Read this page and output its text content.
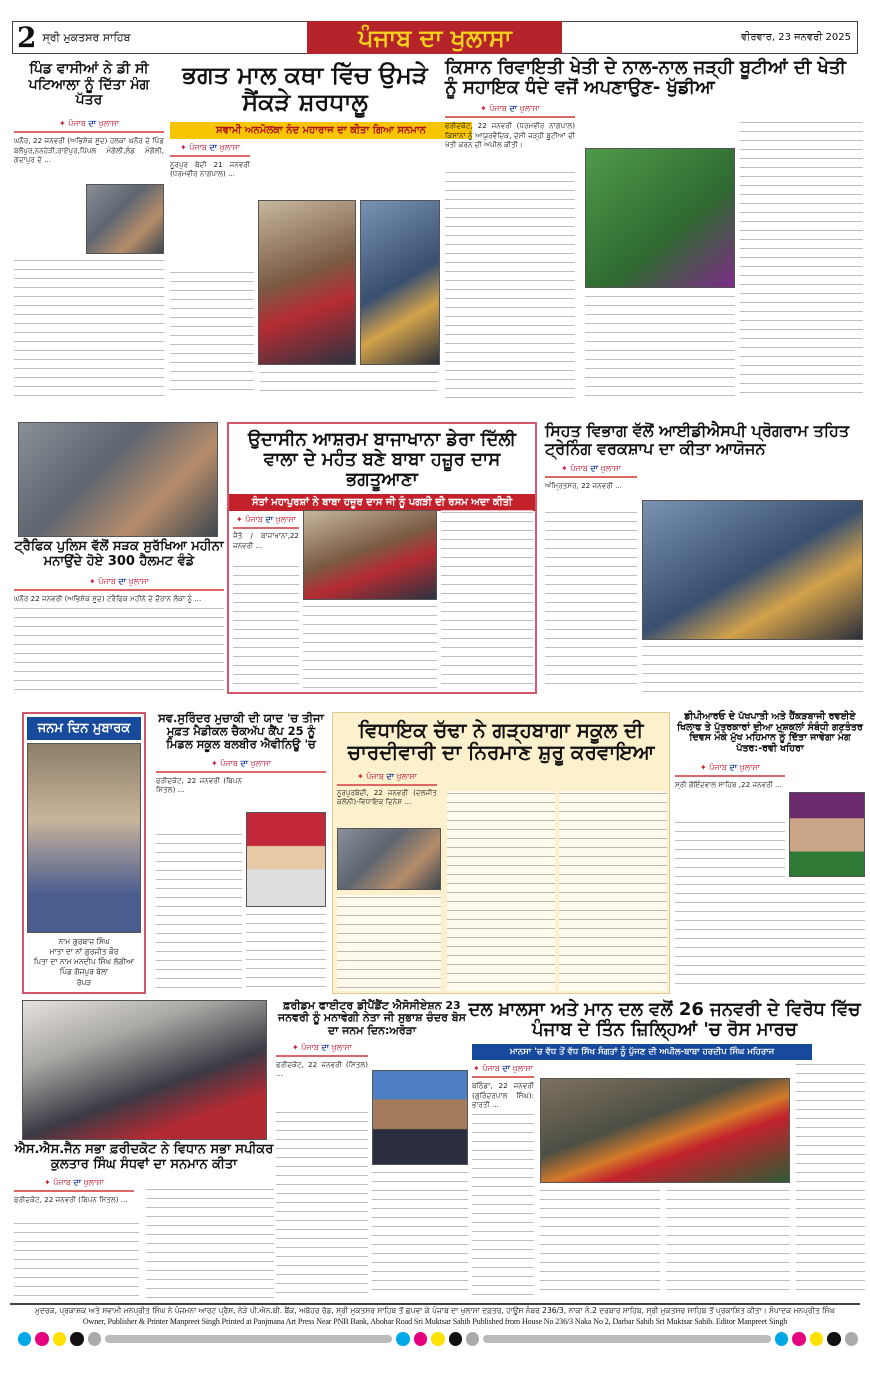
2 ਸ੍ਰੀ ਮੁਕਤਸਰ ਸਾਹਿਬ	ਪੰਜਾਬ ਦਾ ਖੁਲਾਸਾ	ਵੀਰਵਾਰ, 23 ਜਨਵਰੀ 2025
ਪਿੰਡ ਵਾਸੀਆਂ ਨੇ ਡੀ ਸੀ ਪਟਿਆਲਾ ਨੂੰ ਦਿੱਤਾ ਮੰਗ ਪੱਤਰ
✦ ਪੰਜਾਬ ਦਾ ਖੁਲਾਸਾ
ਘਨੌਰ, 22 ਜਨਵਰੀ (ਅਭਿਸ਼ੇਕ ਸੂਦ) ਹਲਕਾ ਘਨੌਰ ਦੇ ਪਿੰਡ ਬਲੌਪੁਰ,ਨਨਹੇੜੀ,ਰਾਏਪੁਰ,ਪਿੱਪਲ ਮੰਗੋਲੀ,ਲੰਡ ਮੰਗੋਲੀ, ਗਦਾਪੁਰ ਦੇ ...
ਭਗਤ ਮਾਲ ਕਥਾ ਵਿੱਚ ਉਮੜੇ ਸੈਂਕੜੇ ਸ਼ਰਧਾਲੂ
ਸਵਾਮੀ ਅਨਮੋਲਕਾ ਨੰਦ ਮਹਾਰਾਜ ਦਾ ਕੀਤਾ ਗਿਆ ਸਨਮਾਨ
✦ ਪੰਜਾਬ ਦਾ ਖੁਲਾਸਾ
ਨੂਰਪੁਰ ਬੇਦੀ 21 ਜਨਵਰੀ (ਧਰਮਵੀਰ ਨਾਗਪਾਲ) ...
ਕਿਸਾਨ ਰਿਵਾਇਤੀ ਖੇਤੀ ਦੇ ਨਾਲ-ਨਾਲ ਜੜ੍ਹੀ ਬੂਟੀਆਂ ਦੀ ਖੇਤੀ ਨੂੰ ਸਹਾਇਕ ਧੰਦੇ ਵਜੋਂ ਅਪਣਾਉਣ- ਖੁੱਡੀਆ
✦ ਪੰਜਾਬ ਦਾ ਖੁਲਾਸਾ
ਫਰੀਦਕੋਟ, 22 ਜਨਵਰੀ (ਧਰਮਵੀਰ ਨਾਗਪਾਲ) ਕਿਸਾਨਾਂ ਨੂੰ ਆਯੁਰਵੈਦਿਕ, ਦੇਸੀ ਜੜ੍ਹੀ ਬੂਟੀਆਂ ਦੀ ਖੇਤੀ ਕਰਨ ਦੀ ਅਪੀਲ ਕੀਤੀ।
ਟ੍ਰੈਫਿਕ ਪੁਲਿਸ ਵੱਲੋਂ ਸੜਕ ਸੁਰੱਖਿਆ ਮਹੀਨਾ ਮਨਾਉਂਦੇ ਹੋਏ 300 ਹੈਲਮਟ ਵੰਡੇ
✦ ਪੰਜਾਬ ਦਾ ਖੁਲਾਸਾ
ਘਨੌਰ 22 ਜਨਵਰੀ (ਅਭਿਸ਼ੇਕ ਸੂਦ) ਟਰੈਫਿਕ ਮਹੀਨੇ ਦੇ ਦੌਰਾਨ ਲੋਕਾਂ ਨੂੰ ...
ਉਦਾਸੀਨ ਆਸ਼ਰਮ ਬਾਜਾਖਾਨਾ ਡੇਰਾ ਦਿੱਲੀ ਵਾਲਾ ਦੇ ਮਹੰਤ ਬਣੇ ਬਾਬਾ ਹਜ਼ੂਰ ਦਾਸ ਭਗਤੂਆਣਾ
ਸੰਤਾਂ ਮਹਾਪੁਰਸ਼ਾਂ ਨੇ ਬਾਬਾ ਹਜ਼ੂਰ ਦਾਸ ਜੀ ਨੂੰ ਪਗੜੀ ਦੀ ਰਸਮ ਅਦਾ ਕੀਤੀ
✦ ਪੰਜਾਬ ਦਾ ਖੁਲਾਸਾ
ਜੈਤੋ / ਬਾਜਾਖਾਨਾ,22 ਜਨਵਰੀ ...
ਸਿਹਤ ਵਿਭਾਗ ਵੱਲੋਂ ਆਈਡੀਐਸਪੀ ਪ੍ਰੋਗਰਾਮ ਤਹਿਤ ਟ੍ਰੇਨਿੰਗ ਵਰਕਸ਼ਾਪ ਦਾ ਕੀਤਾ ਆਯੋਜਨ
✦ ਪੰਜਾਬ ਦਾ ਖੁਲਾਸਾ
ਅੰਮ੍ਰਿਤਸਰ, 22 ਜਨਵਰੀ ...
ਜਨਮ ਦਿਨ ਮੁਬਾਰਕ
ਨਾਮ ਗੁਰਬਾਜ ਸਿੰਘ
ਮਾਤਾ ਦਾ ਨਾਂ ਗੁਰਜੀਤ ਕੌਰ
ਪਿਤਾ ਦਾ ਨਾਮ ਮਨਦੀਪ ਸਿੰਘ ਲੋਗੀਆ
ਪਿੰਡ ਗੱਜਪੁਰ ਬੇਲਾ
ਰੋਪੜ
ਸਵ.ਸੁਰਿੰਦਰ ਮੁਚਾਕੀ ਦੀ ਯਾਦ 'ਚ ਤੀਜਾ ਮੁਫ਼ਤ ਮੈਡੀਕਲ ਚੈਕਅੱਪ ਕੈਂਪ 25 ਨੂੰ ਮਿਡਲ ਸਕੂਲ ਬਲਬੀਰ ਐਵੀਨਿਊ 'ਚ
✦ ਪੰਜਾਬ ਦਾ ਖੁਲਾਸਾ
ਫਰੀਦਕੋਟ, 22 ਜਨਵਰੀ (ਬਿਪਨ ਮਿੱਤਲ) ...
ਵਿਧਾਇਕ ਚੱਢਾ ਨੇ ਗੜ੍ਹਬਾਗਾ ਸਕੂਲ ਦੀ ਚਾਰਦੀਵਾਰੀ ਦਾ ਨਿਰਮਾਣ ਸ਼ੁਰੂ ਕਰਵਾਇਆ
✦ ਪੰਜਾਬ ਦਾ ਖੁਲਾਸਾ
ਨੂਰਪੁਰਬੇਦੀ, 22 ਜਨਵਰੀ (ਦਲਜੀਤ ਕਲੋਨੀ)-ਵਿਧਾਇਕ ਦਿਨੇਸ਼ ...
ਡੀਪੀਆਰਓ ਦੇ ਪੱਖਪਾਤੀ ਅਤੇ ਹੈਂਕੜਬਾਜੀ ਰਵਈਏ ਖਿਲਾਫ ਤੇ ਪੱਤਰਕਾਰਾਂ ਦੀਆ ਮੁਸ਼ਕਲਾਂ ਸੰਬੰਧੀ ਗਣਤੰਤਰ ਦਿਵਸ ਮੌਕੇ ਮੁੱਖ ਮਹਿਮਾਨ ਨੂੰ ਦਿੱਤਾ ਜਾਵੇਗਾ ਮੰਗ ਪੱਤਰ:-ਰਵੀ ਖਹਿਰਾ
✦ ਪੰਜਾਬ ਦਾ ਖੁਲਾਸਾ
ਸ੍ਰੀ ਗੋਇੰਦਵਾਲ ਸਾਹਿਬ ,22 ਜਨਵਰੀ ...
ਐਸ.ਐਸ.ਜੈਨ ਸਭਾ ਫ਼ਰੀਦਕੋਟ ਨੇ ਵਿਧਾਨ ਸਭਾ ਸਪੀਕਰ ਕੁਲਤਾਰ ਸਿੰਘ ਸੰਧਵਾਂ ਦਾ ਸਨਮਾਨ ਕੀਤਾ
✦ ਪੰਜਾਬ ਦਾ ਖੁਲਾਸਾ
ਫਰੀਦਕੋਟ, 22 ਜਨਵਰੀ (ਬਿਪਨ ਮਿੱਤਲ) ...
ਫ਼ਰੀਡਮ ਫਾਈਟਰ ਡੀਪੈਂਡੈਂਟ ਐਸੋਸੀਏਸ਼ਨ 23 ਜਨਵਰੀ ਨੂੰ ਮਨਾਵੇਗੀ ਨੇਤਾ ਜੀ ਸੁਭਾਸ਼ ਚੰਦਰ ਬੋਸ ਦਾ ਜਨਮ ਦਿਨ:ਅਰੋੜਾ
✦ ਪੰਜਾਬ ਦਾ ਖੁਲਾਸਾ
ਫਰੀਦਕੋਟ, 22 ਜਨਵਰੀ (ਮਿੱਤਲ) ...
ਦਲ ਖ਼ਾਲਸਾ ਅਤੇ ਮਾਨ ਦਲ ਵਲੋਂ 26 ਜਨਵਰੀ ਦੇ ਵਿਰੋਧ ਵਿੱਚ ਪੰਜਾਬ ਦੇ ਤਿੰਨ ਜ਼ਿਲ੍ਹਿਆਂ 'ਚ ਰੋਸ ਮਾਰਚ
ਮਾਨਸਾ 'ਚ ਵੱਧ ਤੋਂ ਵੱਧ ਸਿੱਖ ਸੰਗਤਾਂ ਨੂੰ ਪੁੱਜਣ ਦੀ ਅਪੀਲ-ਬਾਬਾ ਹਰਦੀਪ ਸਿੰਘ ਮਹਿਰਾਜ
✦ ਪੰਜਾਬ ਦਾ ਖੁਲਾਸਾ
ਬਠਿੰਡਾ, 22 ਜਨਵਰੀ (ਗੁਰਿੰਦਰਪਾਲ ਸਿੰਘ): ਭਾਰਤੀ ...
ਮੁਦਰਕ, ਪ੍ਰਕਾਸ਼ਕ ਅਤੇ ਸਵਾਮੀ ਮਨਪ੍ਰੀਤ ਸਿੰਘ ਨੇ ਪੰਜਮਨਾ ਆਰਟ ਪ੍ਰੈਸ, ਨੇੜੇ ਪੀ.ਐਨ.ਬੀ. ਬੈਂਕ, ਅਬੋਹਰ ਰੋਡ, ਸ੍ਰੀ ਮੁਕਤਸਰ ਸਾਹਿਬ ਤੋਂ ਛਪਵਾ ਕੇ ਪੰਜਾਬ ਦਾ ਖੁਲਾਸਾ ਦਫ਼ਤਰ, ਹਾਊਸ ਨੰਬਰ 236/3, ਨਾਕਾ ਨੰ.2 ਦਰਬਾਰ ਸਾਹਿਬ, ਸ੍ਰੀ ਮੁਕਤਸਰ ਸਾਹਿਬ ਤੋਂ ਪ੍ਰਕਾਸ਼ਿਤ ਕੀਤਾ। ਸੰਪਾਦਕ ਮਨਪ੍ਰੀਤ ਸਿੰਘ
Owner, Publisher & Printer Manpreet Singh Printed at Panjmana Art Press Near PNB Bank, Abohar Road Sri Muktsar Sahib Published from House No 236/3 Naka No 2, Darbar Sahib Sri Muktsar Sahib. Editor Manpreet Singh
